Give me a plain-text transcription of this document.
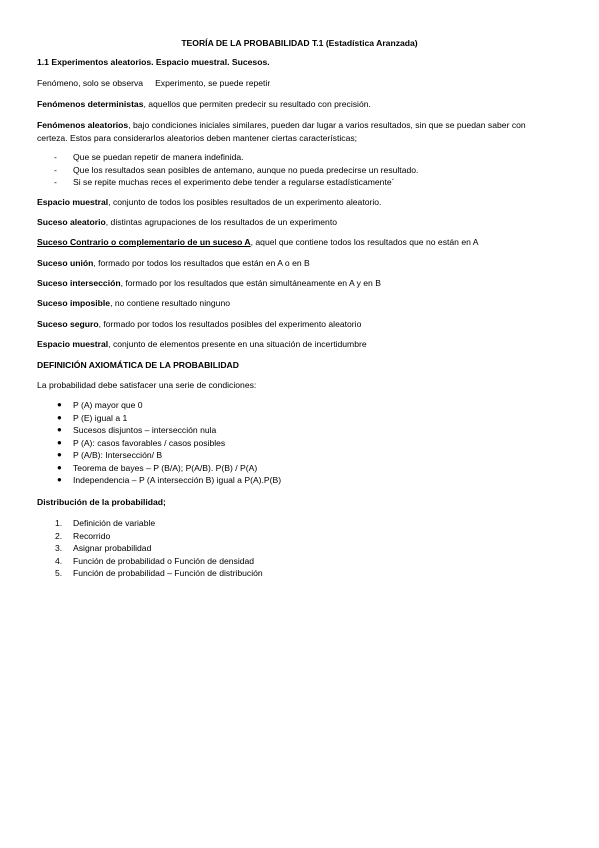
TEORÍA DE LA PROBABILIDAD T.1 (Estadística Aranzada)
1.1 Experimentos aleatorios. Espacio muestral. Sucesos.
Fenómeno, solo se observa Experimento, se puede repetir
Fenómenos deterministas, aquellos que permiten predecir su resultado con precisión.
Fenómenos aleatorios, bajo condiciones iniciales similares, pueden dar lugar a varios resultados, sin que se puedan saber con certeza. Estos para considerarlos aleatorios deben mantener ciertas características;
- Que se puedan repetir de manera indefinida.
- Que los resultados sean posibles de antemano, aunque no pueda predecirse un resultado.
- Si se repite muchas reces el experimento debe tender a regularse estadísticamente´
Espacio muestral, conjunto de todos los posibles resultados de un experimento aleatorio.
Suceso aleatorio, distintas agrupaciones de los resultados de un experimento
Suceso Contrario o complementario de un suceso A, aquel que contiene todos los resultados que no están en A
Suceso unión, formado por todos los resultados que están en A o en B
Suceso intersección, formado por los resultados que están simultáneamente en A y en B
Suceso imposible, no contiene resultado ninguno
Suceso seguro, formado por todos los resultados posibles del experimento aleatorio
Espacio muestral, conjunto de elementos presente en una situación de incertidumbre
DEFINICIÓN AXIOMÁTICA DE LA PROBABILIDAD
La probabilidad debe satisfacer una serie de condiciones:
● P (A) mayor que 0
● P (E) igual a 1
● Sucesos disjuntos – intersección nula
● P (A): casos favorables / casos posibles
● P (A/B): Intersección/ B
● Teorema de bayes – P (B/A); P(A/B). P(B) / P(A)
● Independencia – P (A intersección B) igual a P(A).P(B)
Distribución de la probabilidad;
1. Definición de variable
2. Recorrido
3. Asignar probabilidad
4. Función de probabilidad o Función de densidad
5. Función de probabilidad – Función de distribución
